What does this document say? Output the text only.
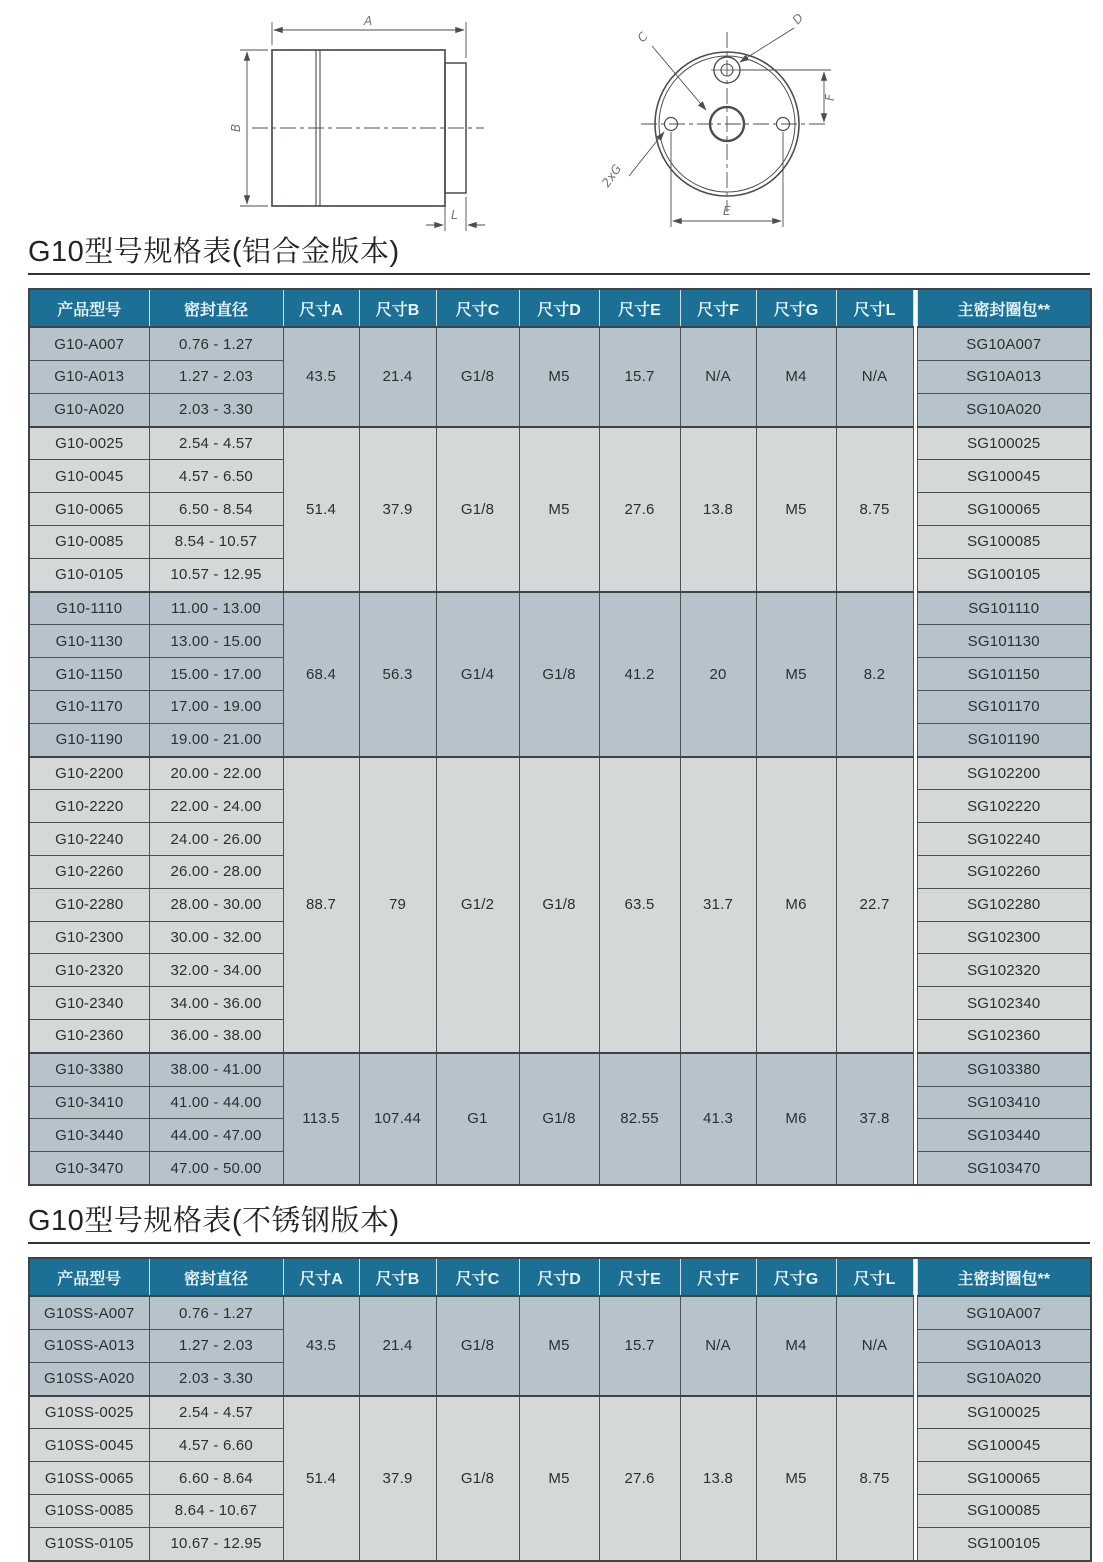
A
B
L
C
D
2xG
F
E
G10型号规格表(铝合金版本)
产品型号	密封直径	尺寸A	尺寸B	尺寸C	尺寸D	尺寸E	尺寸F	尺寸G	尺寸L		主密封圈包**
G10-A007	0.76 - 1.27	43.5	21.4	G1/8	M5	15.7	N/A	M4	N/A		SG10A007
G10-A013	1.27 - 2.03										SG10A013
G10-A020	2.03 - 3.30										SG10A020
G10-0025	2.54 - 4.57	51.4	37.9	G1/8	M5	27.6	13.8	M5	8.75		SG100025
G10-0045	4.57 - 6.50										SG100045
G10-0065	6.50 - 8.54										SG100065
G10-0085	8.54 - 10.57										SG100085
G10-0105	10.57 - 12.95										SG100105
G10-1110	11.00 - 13.00	68.4	56.3	G1/4	G1/8	41.2	20	M5	8.2		SG101110
G10-1130	13.00 - 15.00										SG101130
G10-1150	15.00 - 17.00										SG101150
G10-1170	17.00 - 19.00										SG101170
G10-1190	19.00 - 21.00										SG101190
G10-2200	20.00 - 22.00	88.7	79	G1/2	G1/8	63.5	31.7	M6	22.7		SG102200
G10-2220	22.00 - 24.00										SG102220
G10-2240	24.00 - 26.00										SG102240
G10-2260	26.00 - 28.00										SG102260
G10-2280	28.00 - 30.00										SG102280
G10-2300	30.00 - 32.00										SG102300
G10-2320	32.00 - 34.00										SG102320
G10-2340	34.00 - 36.00										SG102340
G10-2360	36.00 - 38.00										SG102360
G10-3380	38.00 - 41.00	113.5	107.44	G1	G1/8	82.55	41.3	M6	37.8		SG103380
G10-3410	41.00 - 44.00										SG103410
G10-3440	44.00 - 47.00										SG103440
G10-3470	47.00 - 50.00										SG103470
G10型号规格表(不锈钢版本)
产品型号	密封直径	尺寸A	尺寸B	尺寸C	尺寸D	尺寸E	尺寸F	尺寸G	尺寸L		主密封圈包**
G10SS-A007	0.76 - 1.27	43.5	21.4	G1/8	M5	15.7	N/A	M4	N/A		SG10A007
G10SS-A013	1.27 - 2.03										SG10A013
G10SS-A020	2.03 - 3.30										SG10A020
G10SS-0025	2.54 - 4.57	51.4	37.9	G1/8	M5	27.6	13.8	M5	8.75		SG100025
G10SS-0045	4.57 - 6.60										SG100045
G10SS-0065	6.60 - 8.64										SG100065
G10SS-0085	8.64 - 10.67										SG100085
G10SS-0105	10.67 - 12.95										SG100105
